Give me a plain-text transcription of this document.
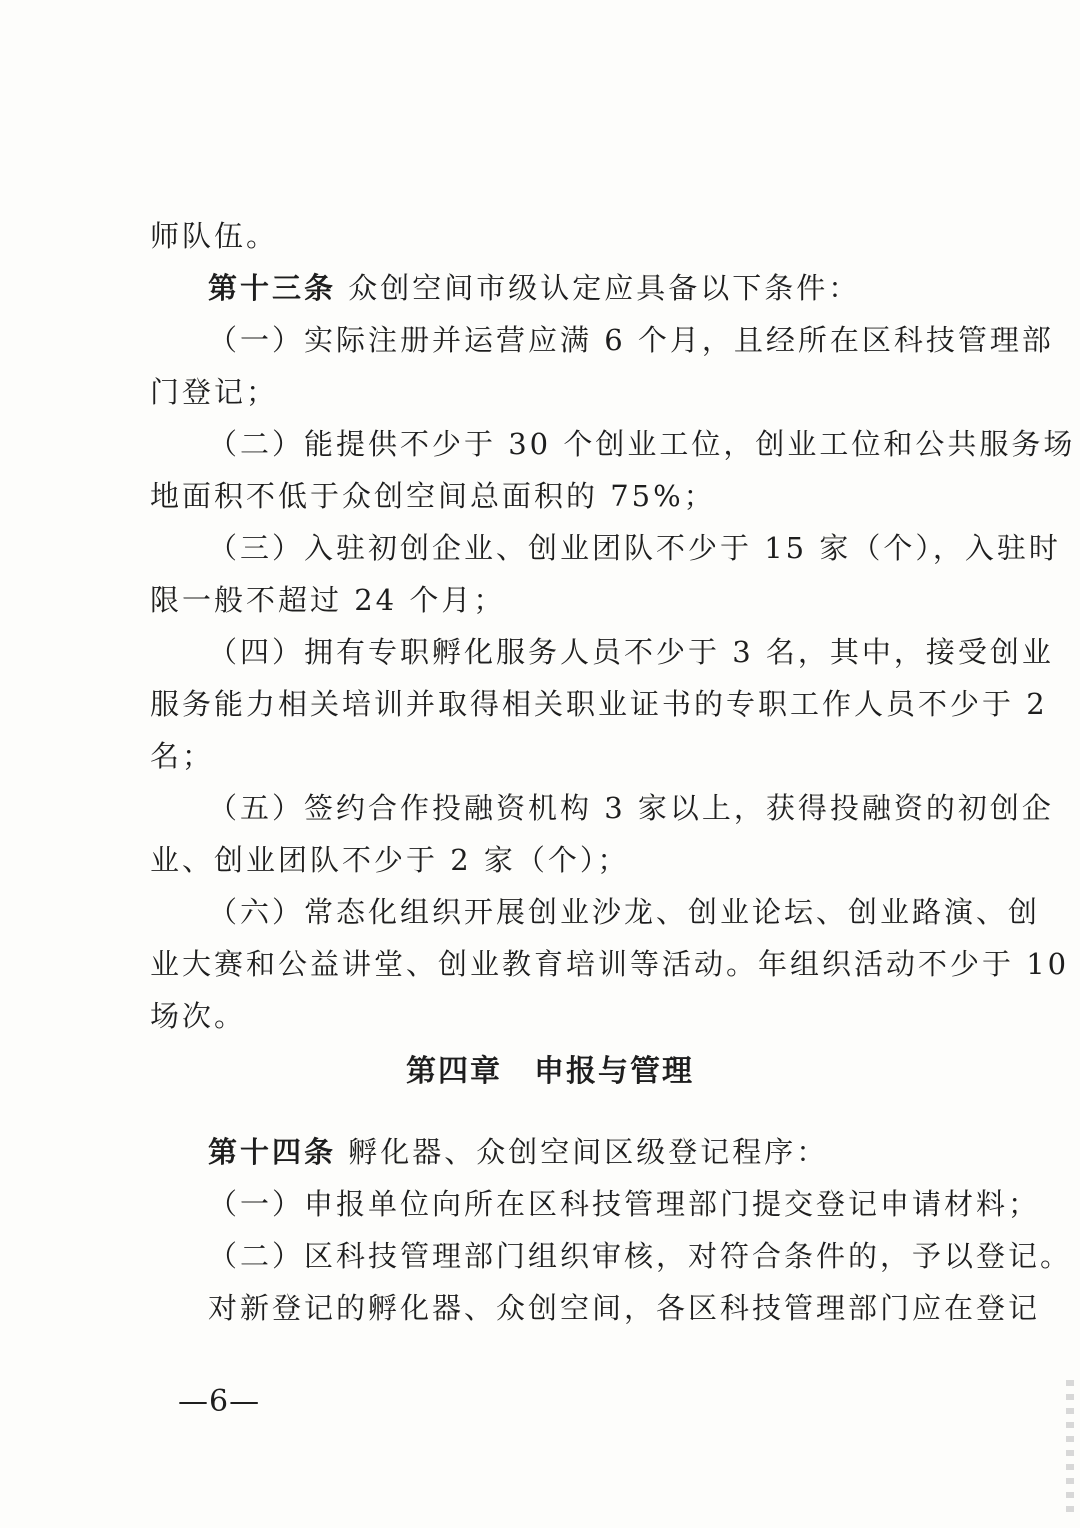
师队伍。
第十三条 众创空间市级认定应具备以下条件：
（一）实际注册并运营应满 6 个月，且经所在区科技管理部
门登记；
（二）能提供不少于 30 个创业工位，创业工位和公共服务场
地面积不低于众创空间总面积的 75%；
（三）入驻初创企业、创业团队不少于 15 家（个），入驻时
限一般不超过 24 个月；
（四）拥有专职孵化服务人员不少于 3 名，其中，接受创业
服务能力相关培训并取得相关职业证书的专职工作人员不少于 2
名；
（五）签约合作投融资机构 3 家以上，获得投融资的初创企
业、创业团队不少于 2 家（个）；
（六）常态化组织开展创业沙龙、创业论坛、创业路演、创
业大赛和公益讲堂、创业教育培训等活动。年组织活动不少于 10
场次。
第四章　申报与管理
第十四条 孵化器、众创空间区级登记程序：
（一）申报单位向所在区科技管理部门提交登记申请材料；
（二）区科技管理部门组织审核，对符合条件的，予以登记。
对新登记的孵化器、众创空间，各区科技管理部门应在登记
—6—
